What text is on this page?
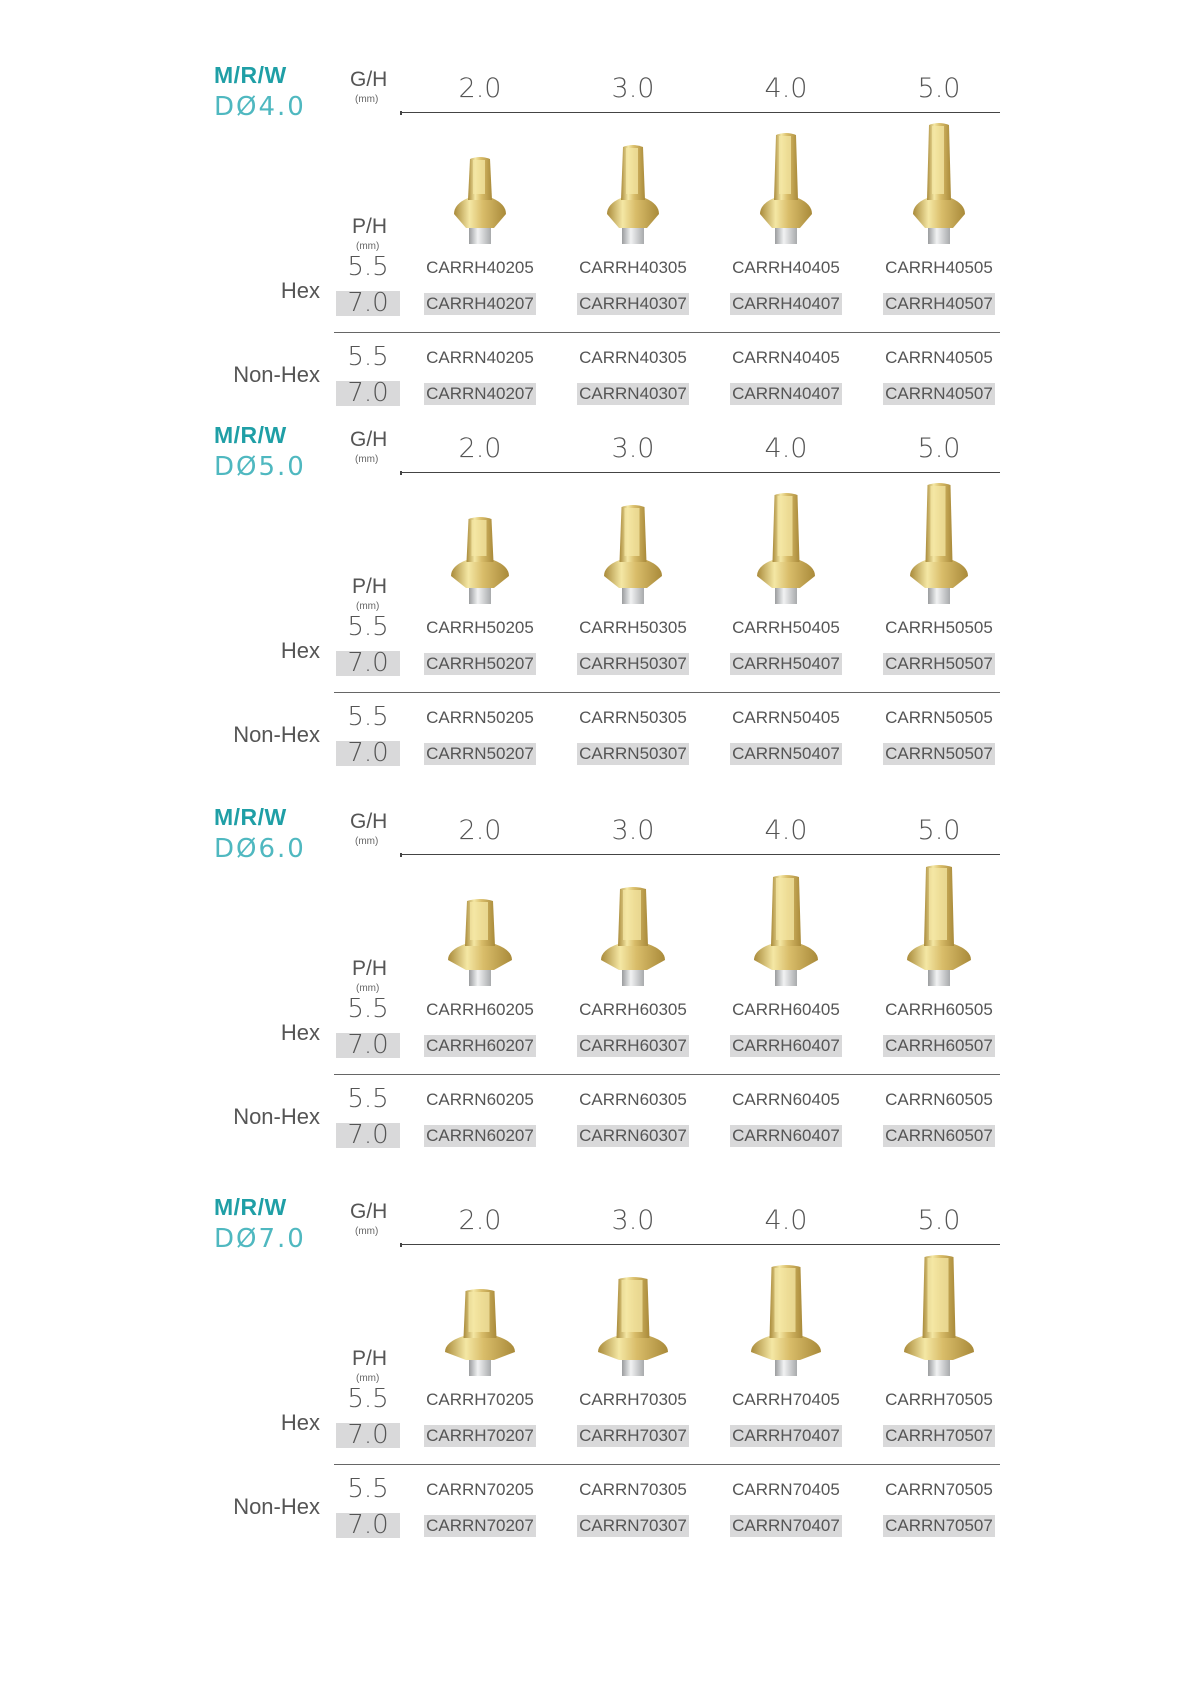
M/R/W
DØ4.0
G/H
(mm)	2.0	3.0	4.0	5.0
P/H
(mm)
Hex
5.5	CARRH40205	CARRH40305	CARRH40405	CARRH40505
7.0	CARRH40207	CARRH40307	CARRH40407	CARRH40507
Non-Hex
5.5	CARRN40205	CARRN40305	CARRN40405	CARRN40505
7.0	CARRN40207	CARRN40307	CARRN40407	CARRN40507
M/R/W
DØ5.0
G/H
(mm)	2.0	3.0	4.0	5.0
P/H
(mm)
Hex
5.5	CARRH50205	CARRH50305	CARRH50405	CARRH50505
7.0	CARRH50207	CARRH50307	CARRH50407	CARRH50507
Non-Hex
5.5	CARRN50205	CARRN50305	CARRN50405	CARRN50505
7.0	CARRN50207	CARRN50307	CARRN50407	CARRN50507
M/R/W
DØ6.0
G/H
(mm)	2.0	3.0	4.0	5.0
P/H
(mm)
Hex
5.5	CARRH60205	CARRH60305	CARRH60405	CARRH60505
7.0	CARRH60207	CARRH60307	CARRH60407	CARRH60507
Non-Hex
5.5	CARRN60205	CARRN60305	CARRN60405	CARRN60505
7.0	CARRN60207	CARRN60307	CARRN60407	CARRN60507
M/R/W
DØ7.0
G/H
(mm)	2.0	3.0	4.0	5.0
P/H
(mm)
Hex
5.5	CARRH70205	CARRH70305	CARRH70405	CARRH70505
7.0	CARRH70207	CARRH70307	CARRH70407	CARRH70507
Non-Hex
5.5	CARRN70205	CARRN70305	CARRN70405	CARRN70505
7.0	CARRN70207	CARRN70307	CARRN70407	CARRN70507
